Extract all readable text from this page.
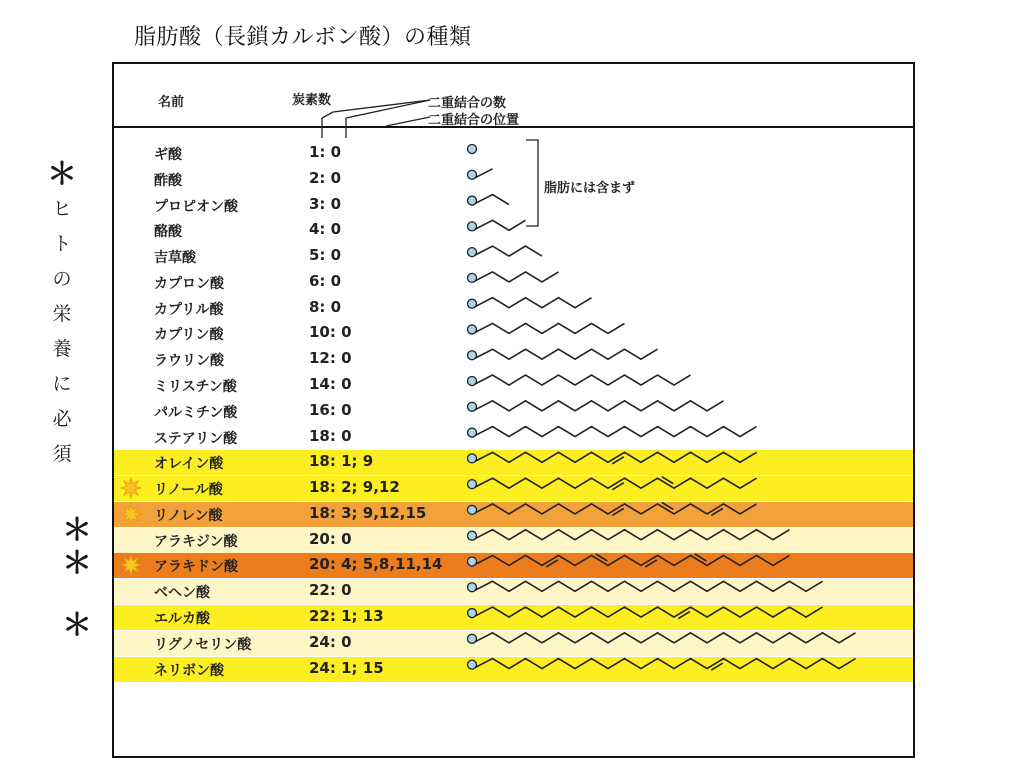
脂肪酸（長鎖カルボン酸）の種類
＊
ヒ
ト
の
栄
養
に
必
須
＊
＊
＊
名前	炭素数	二重結合の数
二重結合の位置
ギ酸	1: 0
酢酸	2: 0
プロピオン酸	3: 0
酪酸	4: 0
吉草酸	5: 0
カプロン酸	6: 0
カプリル酸	8: 0
カプリン酸	10: 0
ラウリン酸	12: 0
ミリスチン酸	14: 0
パルミチン酸	16: 0
ステアリン酸	18: 0
オレイン酸	18: 1; 9
リノール酸	18: 2; 9,12
リノレン酸	18: 3; 9,12,15
アラキジン酸	20: 0
アラキドン酸	20: 4; 5,8,11,14
ベヘン酸	22: 0
エルカ酸	22: 1; 13
リグノセリン酸	24: 0
ネリボン酸	24: 1; 15
脂肪には含まず
